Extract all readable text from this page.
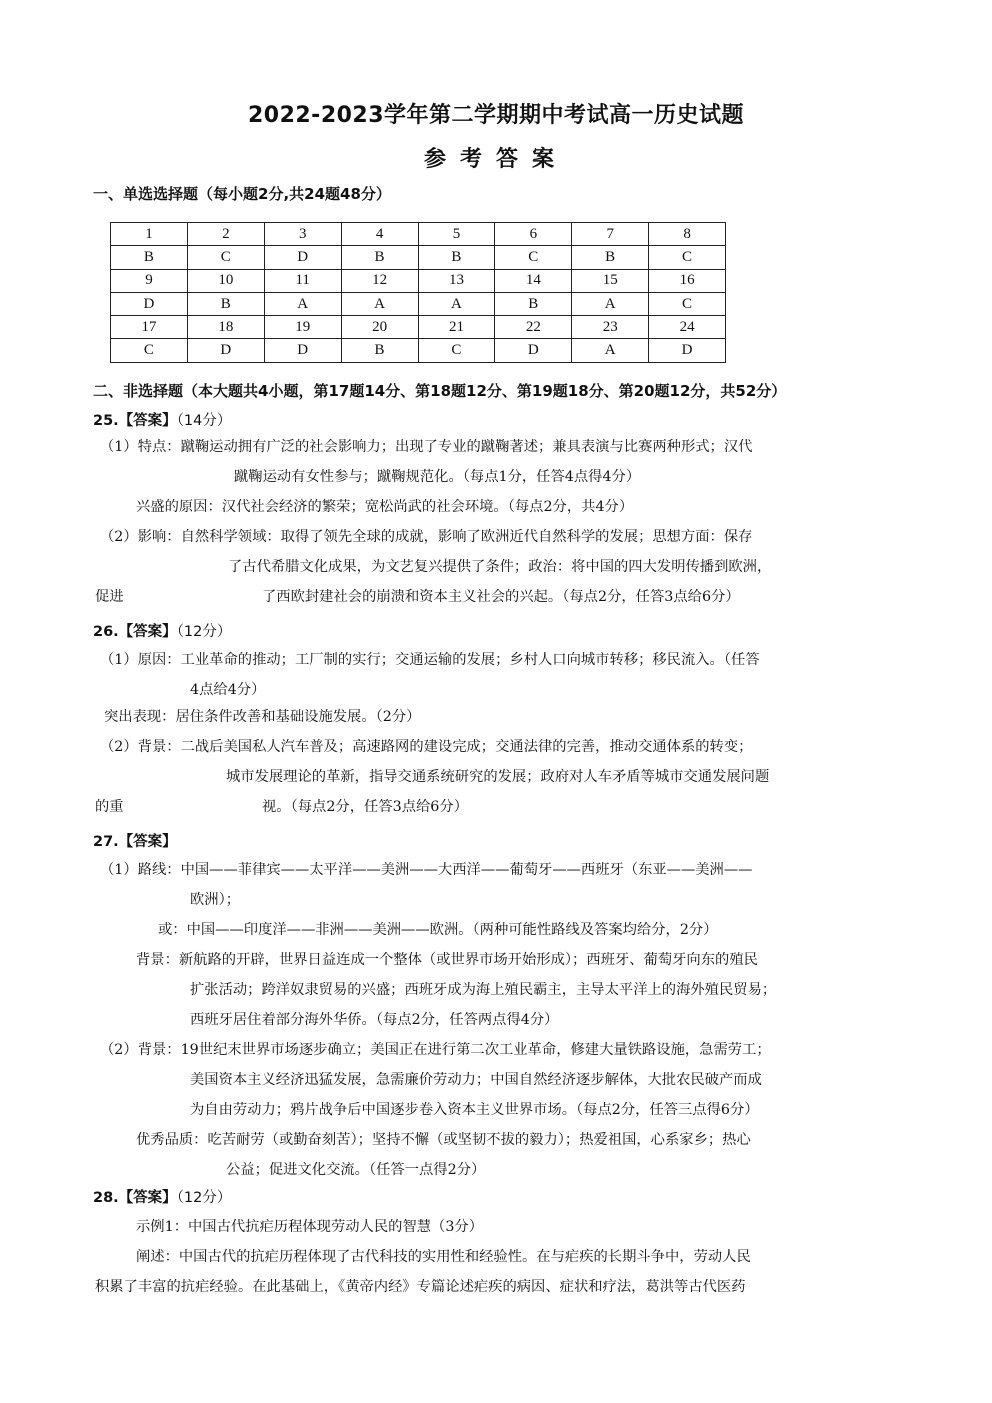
2022-2023学年第二学期期中考试高一历史试题
参考答案
一、单选选择题（每小题2分,共24题48分）
1	2	3	4	5	6	7	8
B	C	D	B	B	C	B	C
9	10	11	12	13	14	15	16
D	B	A	A	A	B	A	C
17	18	19	20	21	22	23	24
C	D	D	B	C	D	A	D
二、非选择题（本大题共4小题，第17题14分、第18题12分、第19题18分、第20题12分，共52分）
25.【答案】（14分）
（1）特点：蹴鞠运动拥有广泛的社会影响力；出现了专业的蹴鞠著述；兼具表演与比赛两种形式；汉代
蹴鞠运动有女性参与；蹴鞠规范化。（每点1分，任答4点得4分）
兴盛的原因：汉代社会经济的繁荣；宽松尚武的社会环境。（每点2分，共4分）
（2）影响：自然科学领域：取得了领先全球的成就，影响了欧洲近代自然科学的发展；思想方面：保存
了古代希腊文化成果，为文艺复兴提供了条件；政治：将中国的四大发明传播到欧洲，
促进	了西欧封建社会的崩溃和资本主义社会的兴起。（每点2分，任答3点给6分）
26.【答案】（12分）
（1）原因：工业革命的推动；工厂制的实行；交通运输的发展；乡村人口向城市转移；移民流入。（任答
4点给4分）
突出表现：居住条件改善和基础设施发展。（2分）
（2）背景：二战后美国私人汽车普及；高速路网的建设完成；交通法律的完善，推动交通体系的转变；
城市发展理论的革新，指导交通系统研究的发展；政府对人车矛盾等城市交通发展问题
的重	视。（每点2分，任答3点给6分）
27.【答案】
（1）路线：中国——菲律宾——太平洋——美洲——大西洋——葡萄牙——西班牙（东亚——美洲——
欧洲）；
或：中国——印度洋——非洲——美洲——欧洲。（两种可能性路线及答案均给分，2分）
背景：新航路的开辟，世界日益连成一个整体（或世界市场开始形成）；西班牙、葡萄牙向东的殖民
扩张活动；跨洋奴隶贸易的兴盛；西班牙成为海上殖民霸主，主导太平洋上的海外殖民贸易；
西班牙居住着部分海外华侨。（每点2分，任答两点得4分）
（2）背景：19世纪末世界市场逐步确立；美国正在进行第二次工业革命，修建大量铁路设施，急需劳工；
美国资本主义经济迅猛发展，急需廉价劳动力；中国自然经济逐步解体，大批农民破产而成
为自由劳动力；鸦片战争后中国逐步卷入资本主义世界市场。（每点2分，任答三点得6分）
优秀品质：吃苦耐劳（或勤奋刻苦）；坚持不懈（或坚韧不拔的毅力）；热爱祖国，心系家乡；热心
公益；促进文化交流。（任答一点得2分）
28.【答案】（12分）
示例1：中国古代抗疟历程体现劳动人民的智慧（3分）
阐述：中国古代的抗疟历程体现了古代科技的实用性和经验性。在与疟疾的长期斗争中，劳动人民
积累了丰富的抗疟经验。在此基础上，《黄帝内经》专篇论述疟疾的病因、症状和疗法，葛洪等古代医药
